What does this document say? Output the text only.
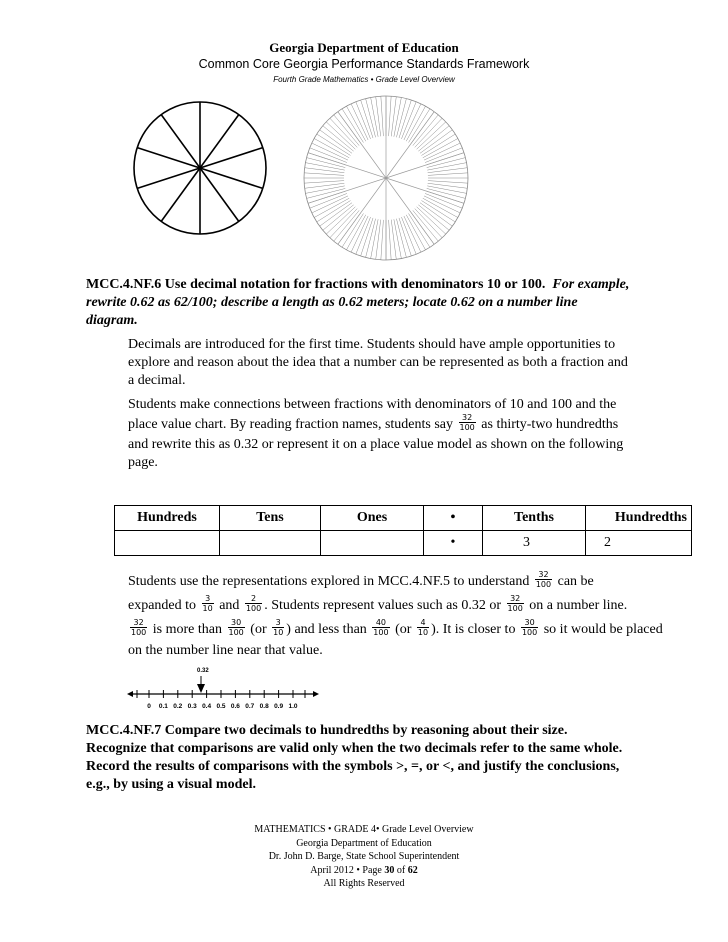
Georgia Department of Education
Common Core Georgia Performance Standards Framework
Fourth Grade Mathematics • Grade Level Overview
MCC.4.NF.6 Use decimal notation for fractions with denominators 10 or 100. For example,
rewrite 0.62 as 62/100; describe a length as 0.62 meters; locate 0.62 on a number line
diagram.
Decimals are introduced for the first time. Students should have ample opportunities to
explore and reason about the idea that a number can be represented as both a fraction and
a decimal.
Students make connections between fractions with denominators of 10 and 100 and the
place value chart. By reading fraction names, students say $\frac{32}{100}$ as thirty-two hundredths
and rewrite this as 0.32 or represent it on a place value model as shown on the following
page.
Hundreds	Tens	Ones	•	Tenths	Hundredths
			•	3	2
Students use the representations explored in MCC.4.NF.5 to understand $\frac{32}{100}$ can be
expanded to $\frac{3}{10}$ and $\frac{2}{100}$ . Students represent values such as 0.32 or $\frac{32}{100}$ on a number line.
$\frac{32}{100}$ is more than $\frac{30}{100} (or \frac{3}{10}$ ) and less than $\frac{40}{100} (or \frac{4}{10}$ ). It is closer to $\frac{30}{100}$ so it would be placed
on the number line near that value.
0.32
0 0.1 0.2 0.3 0.4 0.5 0.6 0.7 0.8 0.9 1.0
MCC.4.NF.7 Compare two decimals to hundredths by reasoning about their size.
Recognize that comparisons are valid only when the two decimals refer to the same whole.
Record the results of comparisons with the symbols >, =, or <, and justify the conclusions,
e.g., by using a visual model.
MATHEMATICS • GRADE 4• Grade Level Overview
Georgia Department of Education
Dr. John D. Barge, State School Superintendent
April 2012 • Page 30 of 62
All Rights Reserved
